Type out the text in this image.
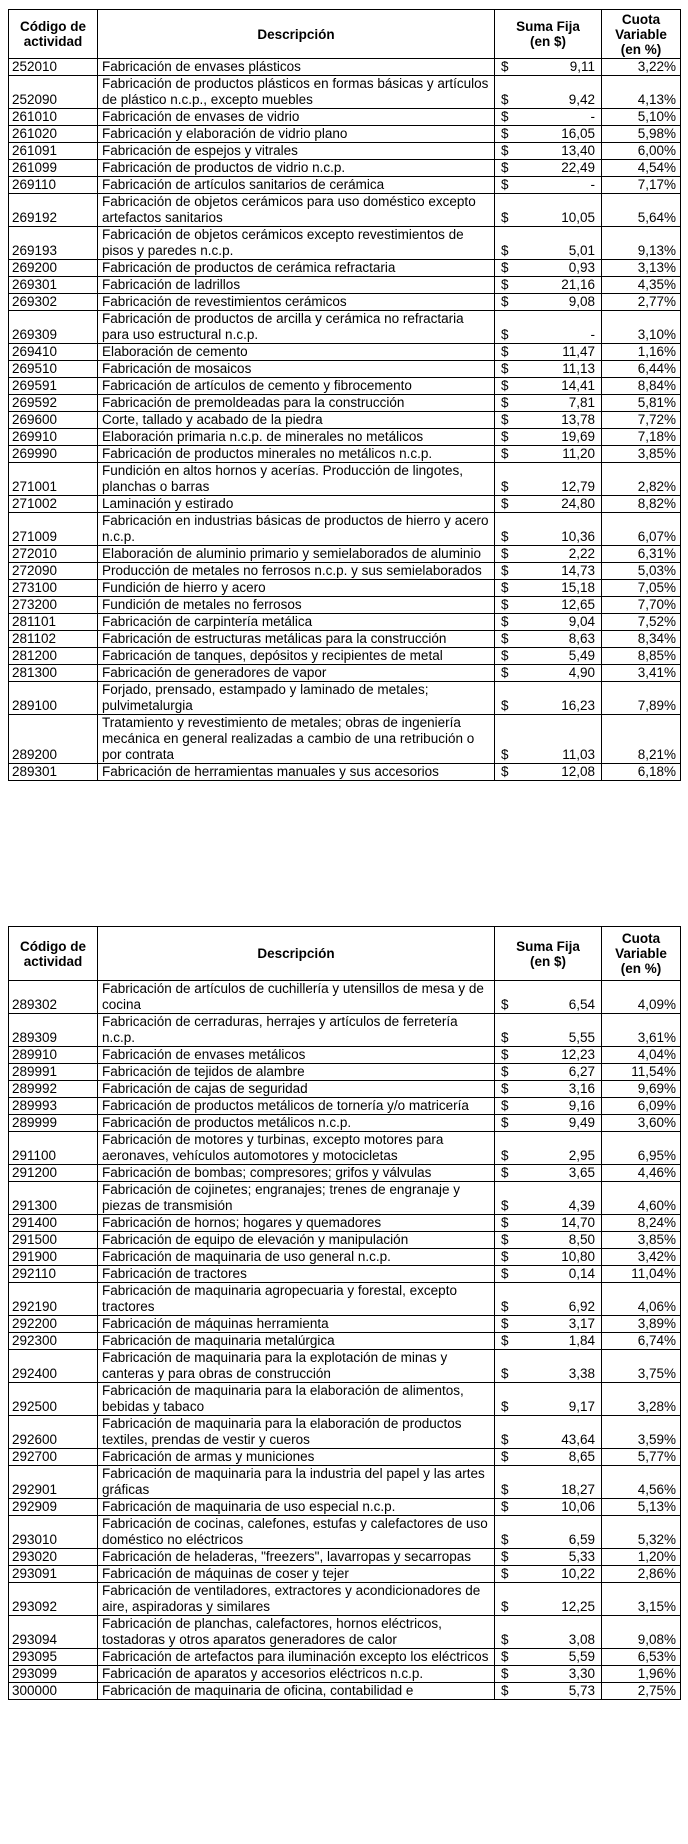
Código de
actividad	Descripción	Suma Fija
(en $)		Cuota
Variable
(en %)
252010	Fabricación de envases plásticos	$	9,11	3,22%
252090	Fabricación de productos plásticos en formas básicas y artículos de plástico n.c.p., excepto muebles	$	9,42	4,13%
261010	Fabricación de envases de vidrio	$	-	5,10%
261020	Fabricación y elaboración de vidrio plano	$	16,05	5,98%
261091	Fabricación de espejos y vitrales	$	13,40	6,00%
261099	Fabricación de productos de vidrio n.c.p.	$	22,49	4,54%
269110	Fabricación de artículos sanitarios de cerámica	$	-	7,17%
269192	Fabricación de objetos cerámicos para uso doméstico excepto artefactos sanitarios	$	10,05	5,64%
269193	Fabricación de objetos cerámicos excepto revestimientos de pisos y paredes n.c.p.	$	5,01	9,13%
269200	Fabricación de productos de cerámica refractaria	$	0,93	3,13%
269301	Fabricación de ladrillos	$	21,16	4,35%
269302	Fabricación de revestimientos cerámicos	$	9,08	2,77%
269309	Fabricación de productos de arcilla y cerámica no refractaria para uso estructural n.c.p.	$	-	3,10%
269410	Elaboración de cemento	$	11,47	1,16%
269510	Fabricación de mosaicos	$	11,13	6,44%
269591	Fabricación de artículos de cemento y fibrocemento	$	14,41	8,84%
269592	Fabricación de premoldeadas para la construcción	$	7,81	5,81%
269600	Corte, tallado y acabado de la piedra	$	13,78	7,72%
269910	Elaboración primaria n.c.p. de minerales no metálicos	$	19,69	7,18%
269990	Fabricación de productos minerales no metálicos n.c.p.	$	11,20	3,85%
271001	Fundición en altos hornos y acerías. Producción de lingotes, planchas o barras	$	12,79	2,82%
271002	Laminación y estirado	$	24,80	8,82%
271009	Fabricación en industrias básicas de productos de hierro y acero n.c.p.	$	10,36	6,07%
272010	Elaboración de aluminio primario y semielaborados de aluminio	$	2,22	6,31%
272090	Producción de metales no ferrosos n.c.p. y sus semielaborados	$	14,73	5,03%
273100	Fundición de hierro y acero	$	15,18	7,05%
273200	Fundición de metales no ferrosos	$	12,65	7,70%
281101	Fabricación de carpintería metálica	$	9,04	7,52%
281102	Fabricación de estructuras metálicas para la construcción	$	8,63	8,34%
281200	Fabricación de tanques, depósitos y recipientes de metal	$	5,49	8,85%
281300	Fabricación de generadores de vapor	$	4,90	3,41%
289100	Forjado, prensado, estampado y laminado de metales; pulvimetalurgia	$	16,23	7,89%
289200	Tratamiento y revestimiento de metales; obras de ingeniería mecánica en general realizadas a cambio de una retribución o por contrata	$	11,03	8,21%
289301	Fabricación de herramientas manuales y sus accesorios	$	12,08	6,18%
Código de
actividad	Descripción	Suma Fija
(en $)		Cuota
Variable
(en %)
289302	Fabricación de artículos de cuchillería y utensillos de mesa y de cocina	$	6,54	4,09%
289309	Fabricación de cerraduras, herrajes y artículos de ferretería n.c.p.	$	5,55	3,61%
289910	Fabricación de envases metálicos	$	12,23	4,04%
289991	Fabricación de tejidos de alambre	$	6,27	11,54%
289992	Fabricación de cajas de seguridad	$	3,16	9,69%
289993	Fabricación de productos metálicos de tornería y/o matricería	$	9,16	6,09%
289999	Fabricación de productos metálicos n.c.p.	$	9,49	3,60%
291100	Fabricación de motores y turbinas, excepto motores para aeronaves, vehículos automotores y motocicletas	$	2,95	6,95%
291200	Fabricación de bombas; compresores; grifos y válvulas	$	3,65	4,46%
291300	Fabricación de cojinetes; engranajes; trenes de engranaje y piezas de transmisión	$	4,39	4,60%
291400	Fabricación de hornos; hogares y quemadores	$	14,70	8,24%
291500	Fabricación de equipo de elevación y manipulación	$	8,50	3,85%
291900	Fabricación de maquinaria de uso general n.c.p.	$	10,80	3,42%
292110	Fabricación de tractores	$	0,14	11,04%
292190	Fabricación de maquinaria agropecuaria y forestal, excepto tractores	$	6,92	4,06%
292200	Fabricación de máquinas herramienta	$	3,17	3,89%
292300	Fabricación de maquinaria metalúrgica	$	1,84	6,74%
292400	Fabricación de maquinaria para la explotación de minas y canteras y para obras de construcción	$	3,38	3,75%
292500	Fabricación de maquinaria para la elaboración de alimentos, bebidas y tabaco	$	9,17	3,28%
292600	Fabricación de maquinaria para la elaboración de productos textiles, prendas de vestir y cueros	$	43,64	3,59%
292700	Fabricación de armas y municiones	$	8,65	5,77%
292901	Fabricación de maquinaria para la industria del papel y las artes gráficas	$	18,27	4,56%
292909	Fabricación de maquinaria de uso especial n.c.p.	$	10,06	5,13%
293010	Fabricación de cocinas, calefones, estufas y calefactores de uso doméstico no eléctricos	$	6,59	5,32%
293020	Fabricación de heladeras, "freezers", lavarropas y secarropas	$	5,33	1,20%
293091	Fabricación de máquinas de coser y tejer	$	10,22	2,86%
293092	Fabricación de ventiladores, extractores y acondicionadores de aire, aspiradoras y similares	$	12,25	3,15%
293094	Fabricación de planchas, calefactores, hornos eléctricos, tostadoras y otros aparatos generadores de calor	$	3,08	9,08%
293095	Fabricación de artefactos para iluminación excepto los eléctricos	$	5,59	6,53%
293099	Fabricación de aparatos y accesorios eléctricos n.c.p.	$	3,30	1,96%
300000	Fabricación de maquinaria de oficina, contabilidad e	$	5,73	2,75%
